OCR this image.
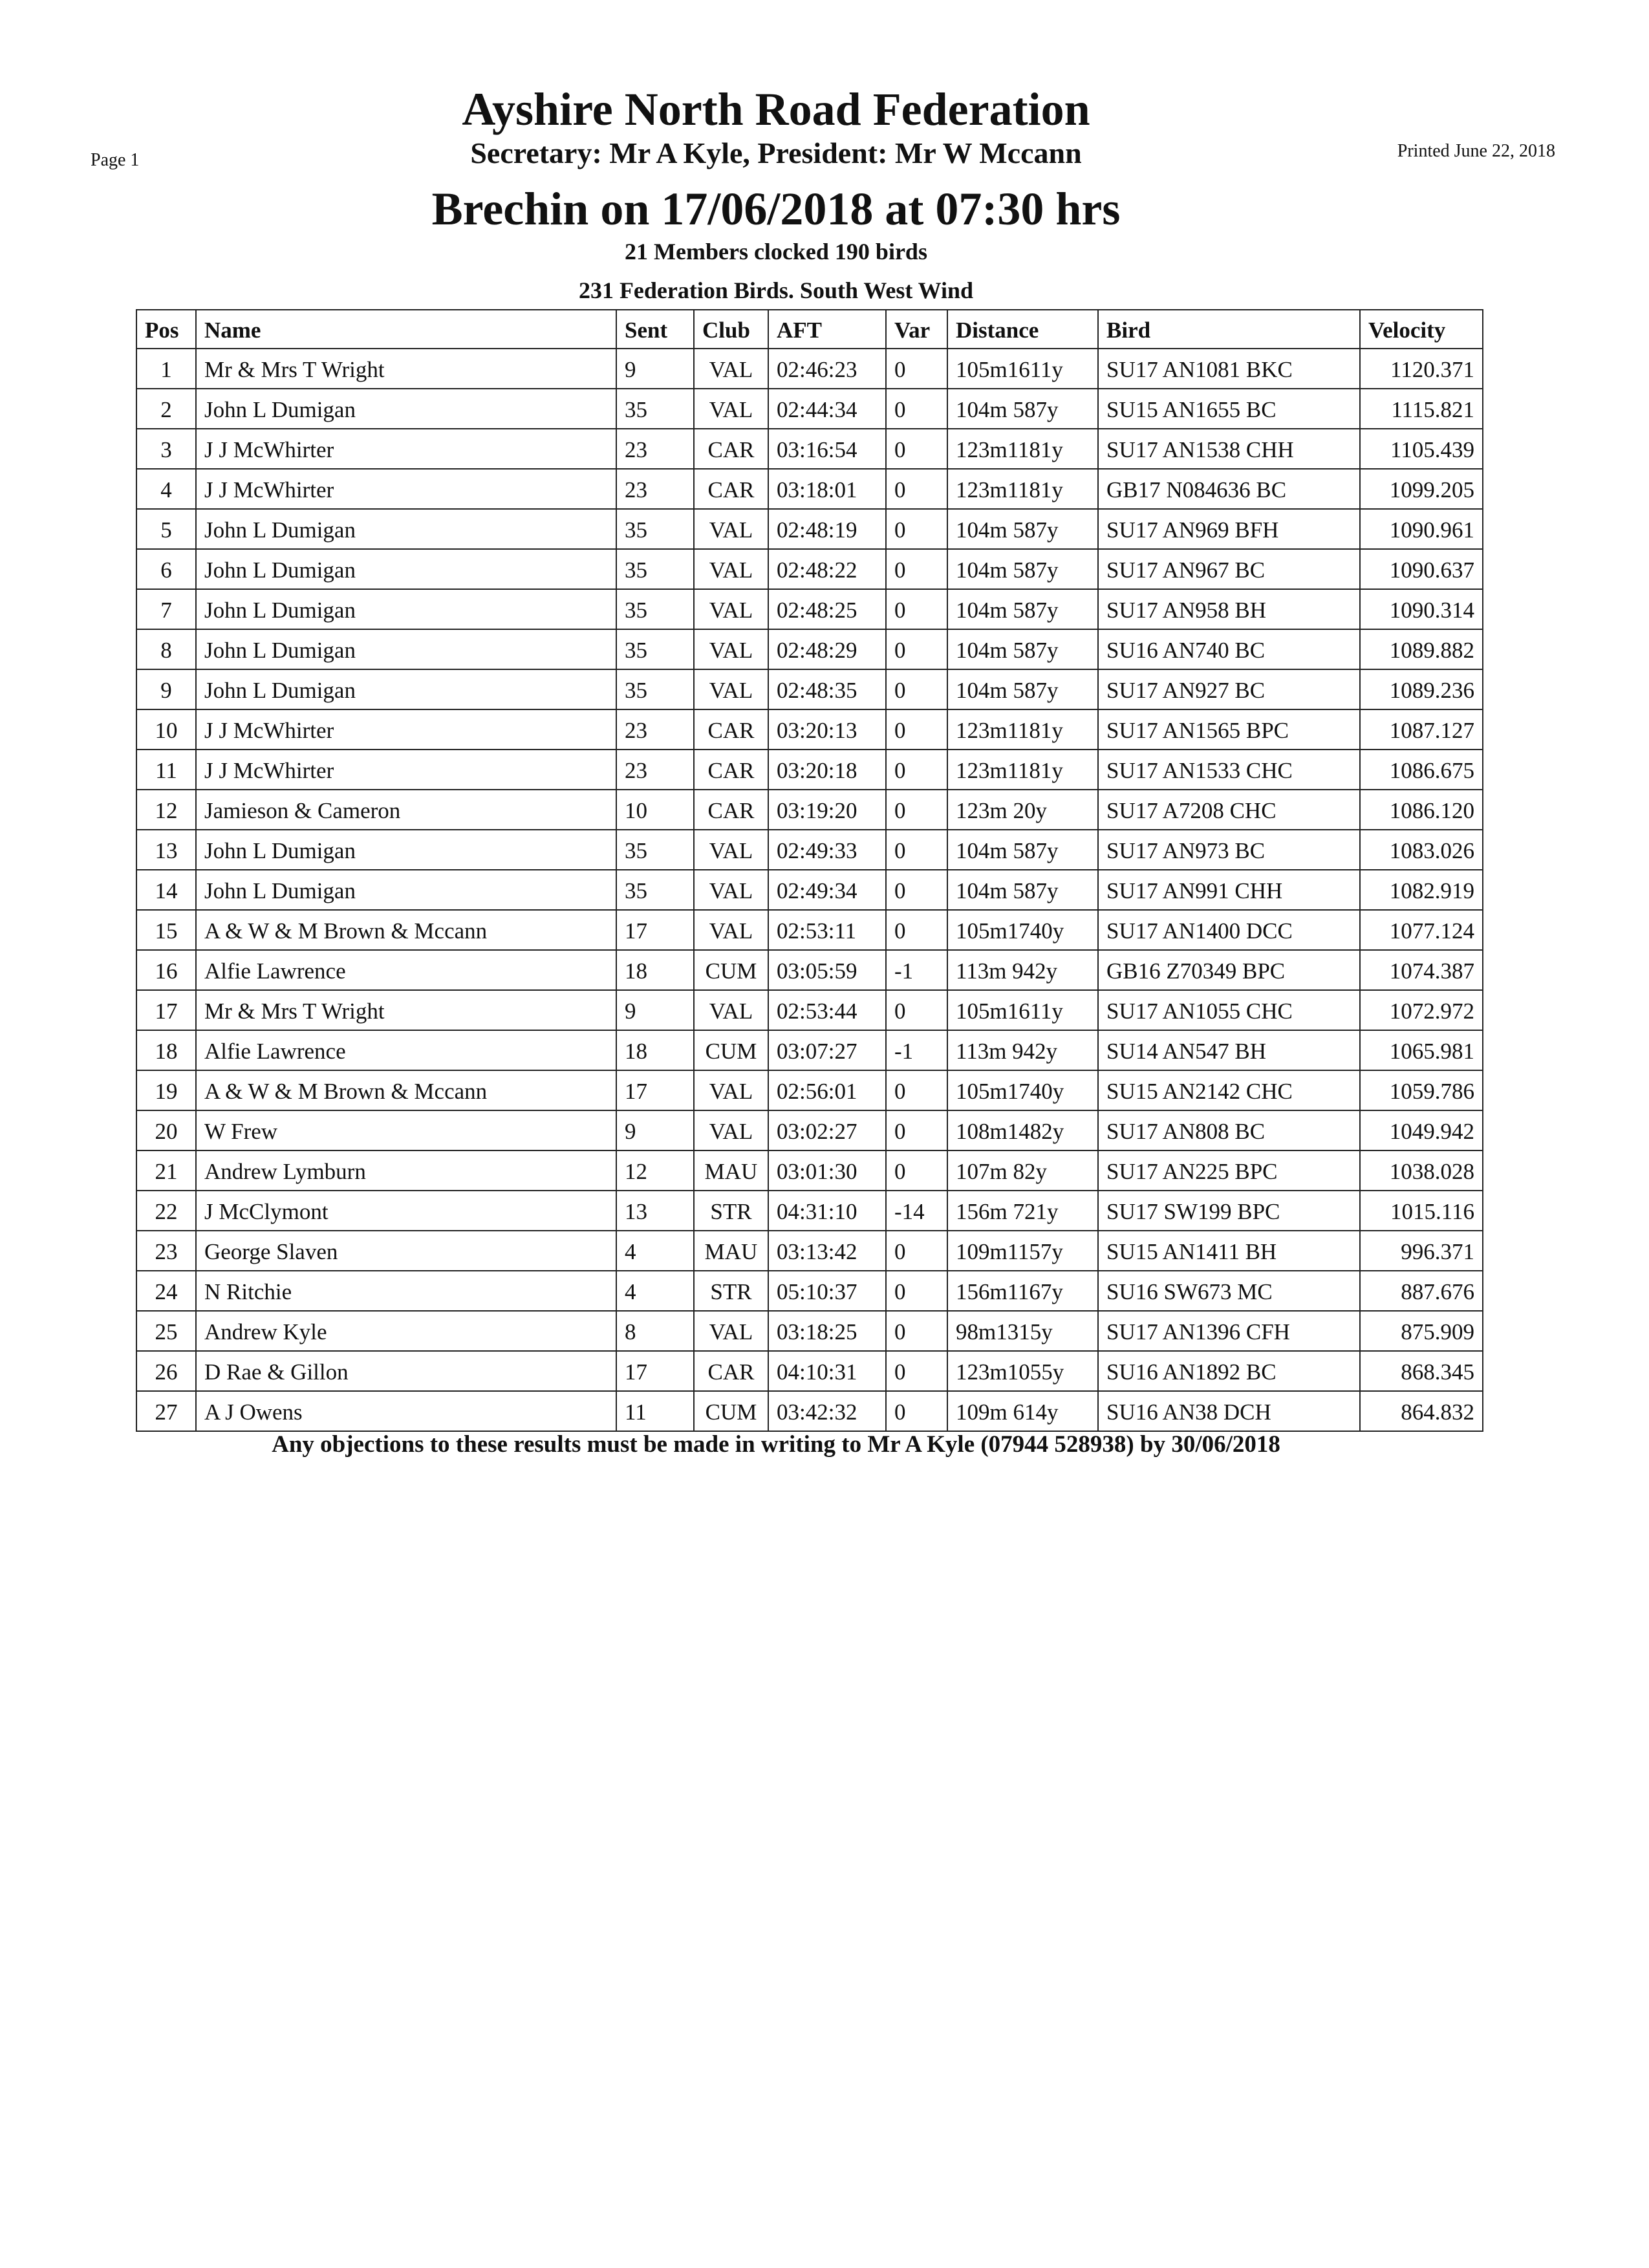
Page 1	Printed June 22, 2018
Ayshire North Road Federation
Secretary: Mr A Kyle, President: Mr W Mccann
Brechin on 17/06/2018 at 07:30 hrs
21 Members clocked 190 birds
231 Federation Birds. South West Wind
Pos	Name	Sent	Club	AFT	Var	Distance	Bird	Velocity
1	Mr & Mrs T Wright	9	VAL	02:46:23	0	105m1611y	SU17 AN1081 BKC	1120.371
2	John L Dumigan	35	VAL	02:44:34	0	104m 587y	SU15 AN1655 BC	1115.821
3	J J McWhirter	23	CAR	03:16:54	0	123m1181y	SU17 AN1538 CHH	1105.439
4	J J McWhirter	23	CAR	03:18:01	0	123m1181y	GB17 N084636 BC	1099.205
5	John L Dumigan	35	VAL	02:48:19	0	104m 587y	SU17 AN969 BFH	1090.961
6	John L Dumigan	35	VAL	02:48:22	0	104m 587y	SU17 AN967 BC	1090.637
7	John L Dumigan	35	VAL	02:48:25	0	104m 587y	SU17 AN958 BH	1090.314
8	John L Dumigan	35	VAL	02:48:29	0	104m 587y	SU16 AN740 BC	1089.882
9	John L Dumigan	35	VAL	02:48:35	0	104m 587y	SU17 AN927 BC	1089.236
10	J J McWhirter	23	CAR	03:20:13	0	123m1181y	SU17 AN1565 BPC	1087.127
11	J J McWhirter	23	CAR	03:20:18	0	123m1181y	SU17 AN1533 CHC	1086.675
12	Jamieson & Cameron	10	CAR	03:19:20	0	123m 20y	SU17 A7208 CHC	1086.120
13	John L Dumigan	35	VAL	02:49:33	0	104m 587y	SU17 AN973 BC	1083.026
14	John L Dumigan	35	VAL	02:49:34	0	104m 587y	SU17 AN991 CHH	1082.919
15	A & W & M Brown & Mccann	17	VAL	02:53:11	0	105m1740y	SU17 AN1400 DCC	1077.124
16	Alfie Lawrence	18	CUM	03:05:59	-1	113m 942y	GB16 Z70349 BPC	1074.387
17	Mr & Mrs T Wright	9	VAL	02:53:44	0	105m1611y	SU17 AN1055 CHC	1072.972
18	Alfie Lawrence	18	CUM	03:07:27	-1	113m 942y	SU14 AN547 BH	1065.981
19	A & W & M Brown & Mccann	17	VAL	02:56:01	0	105m1740y	SU15 AN2142 CHC	1059.786
20	W Frew	9	VAL	03:02:27	0	108m1482y	SU17 AN808 BC	1049.942
21	Andrew Lymburn	12	MAU	03:01:30	0	107m 82y	SU17 AN225 BPC	1038.028
22	J McClymont	13	STR	04:31:10	-14	156m 721y	SU17 SW199 BPC	1015.116
23	George Slaven	4	MAU	03:13:42	0	109m1157y	SU15 AN1411 BH	996.371
24	N Ritchie	4	STR	05:10:37	0	156m1167y	SU16 SW673 MC	887.676
25	Andrew Kyle	8	VAL	03:18:25	0	98m1315y	SU17 AN1396 CFH	875.909
26	D Rae & Gillon	17	CAR	04:10:31	0	123m1055y	SU16 AN1892 BC	868.345
27	A J Owens	11	CUM	03:42:32	0	109m 614y	SU16 AN38 DCH	864.832
Any objections to these results must be made in writing to Mr A Kyle (07944 528938) by 30/06/2018
